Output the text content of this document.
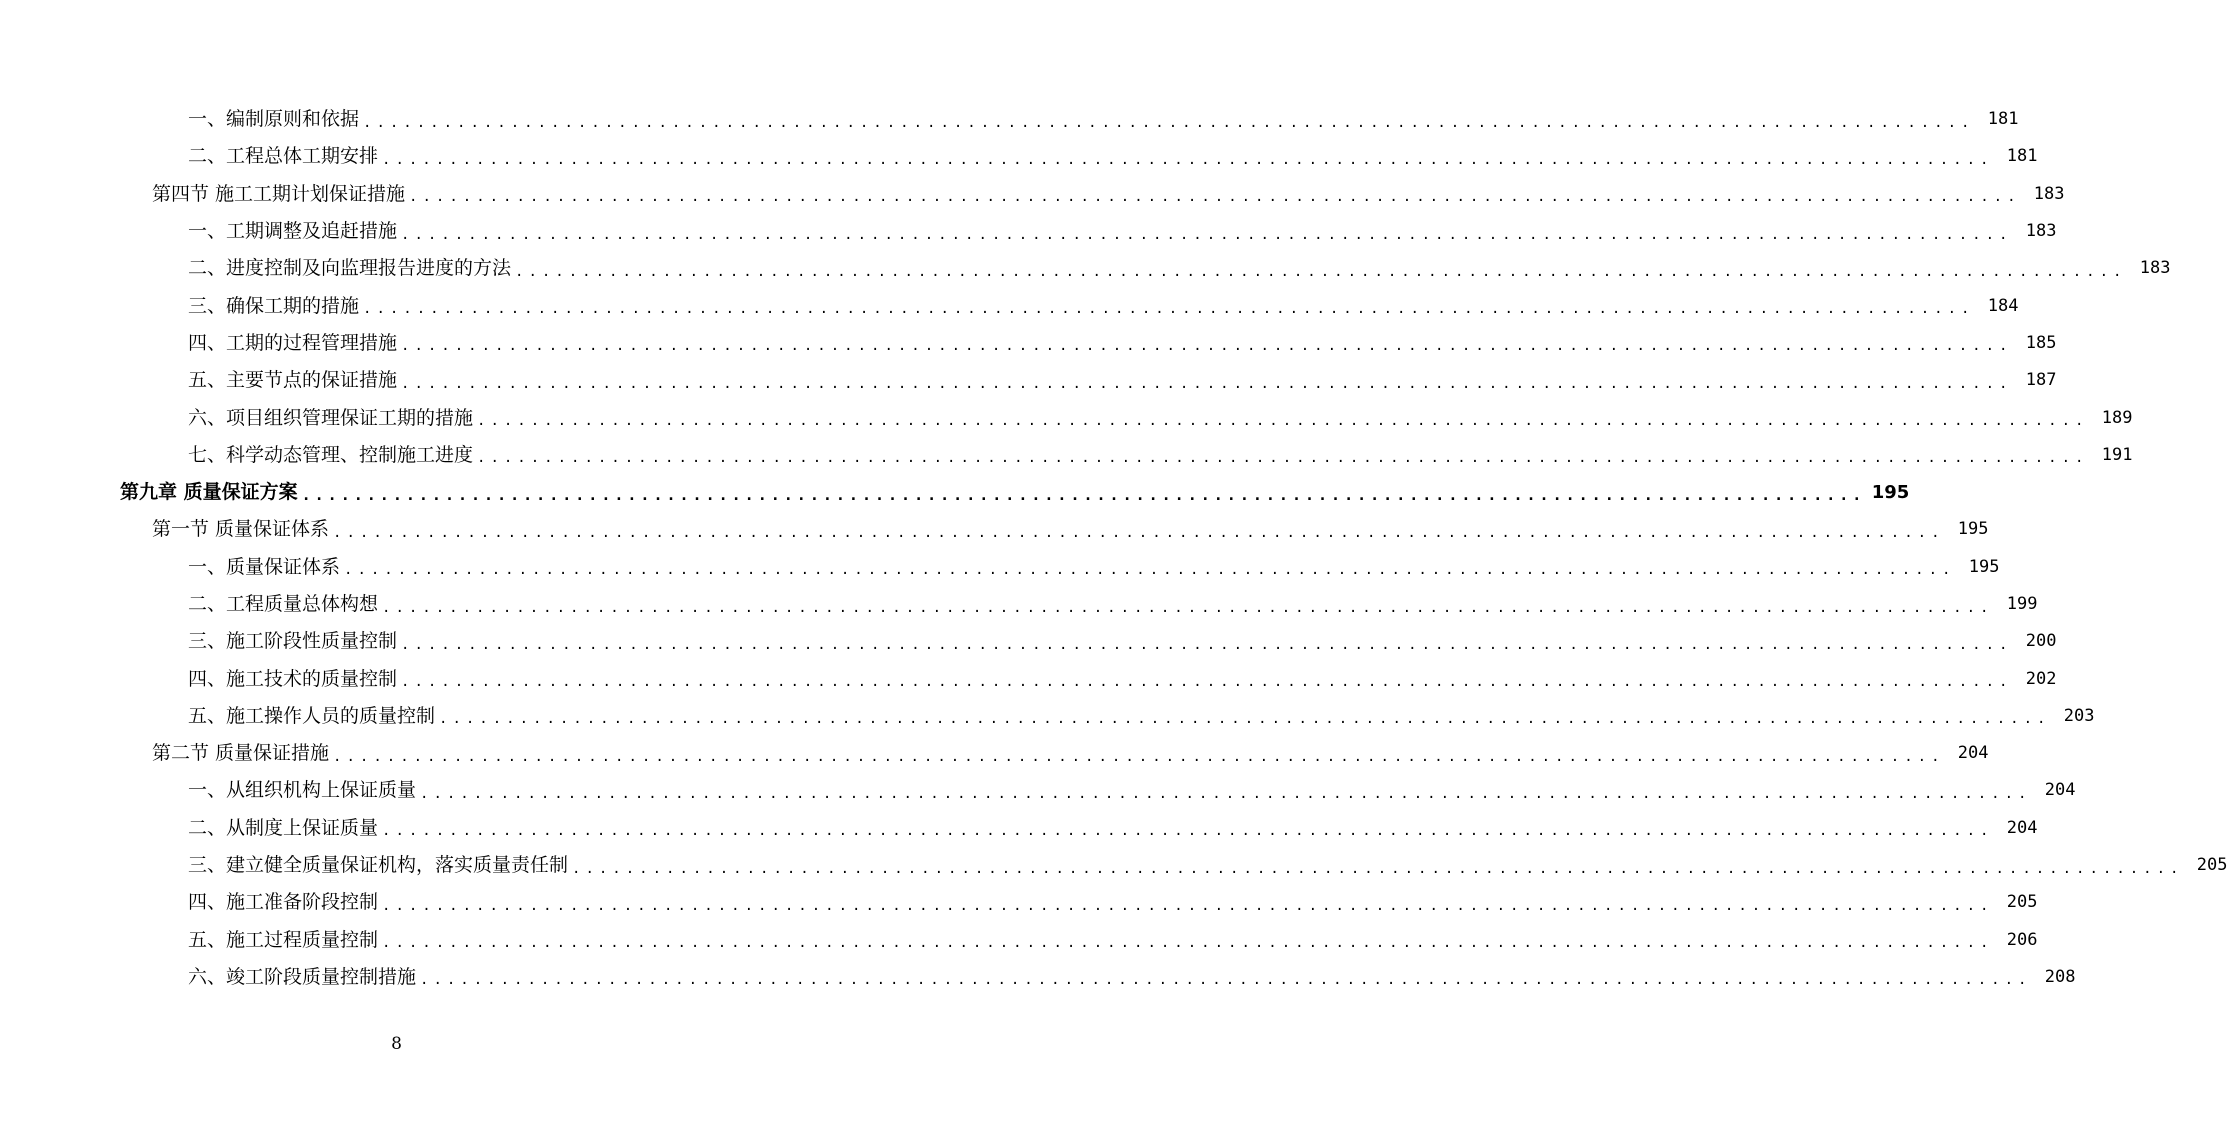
一、编制原则和依据 ........................................................................................................................ 181
二、工程总体工期安排 ........................................................................................................................ 181
第四节 施工工期计划保证措施 ........................................................................................................................ 183
一、工期调整及追赶措施 ........................................................................................................................ 183
二、进度控制及向监理报告进度的方法 ........................................................................................................................ 183
三、确保工期的措施 ........................................................................................................................ 184
四、工期的过程管理措施 ........................................................................................................................ 185
五、主要节点的保证措施 ........................................................................................................................ 187
六、项目组织管理保证工期的措施 ........................................................................................................................ 189
七、科学动态管理、控制施工进度 ........................................................................................................................ 191
第九章 质量保证方案 ........................................................................................................................ 195
第一节 质量保证体系 ........................................................................................................................ 195
一、质量保证体系 ........................................................................................................................ 195
二、工程质量总体构想 ........................................................................................................................ 199
三、施工阶段性质量控制 ........................................................................................................................ 200
四、施工技术的质量控制 ........................................................................................................................ 202
五、施工操作人员的质量控制 ........................................................................................................................ 203
第二节 质量保证措施 ........................................................................................................................ 204
一、从组织机构上保证质量 ........................................................................................................................ 204
二、从制度上保证质量 ........................................................................................................................ 204
三、建立健全质量保证机构，落实质量责任制 ........................................................................................................................ 205
四、施工准备阶段控制 ........................................................................................................................ 205
五、施工过程质量控制 ........................................................................................................................ 206
六、竣工阶段质量控制措施 ........................................................................................................................ 208
8
